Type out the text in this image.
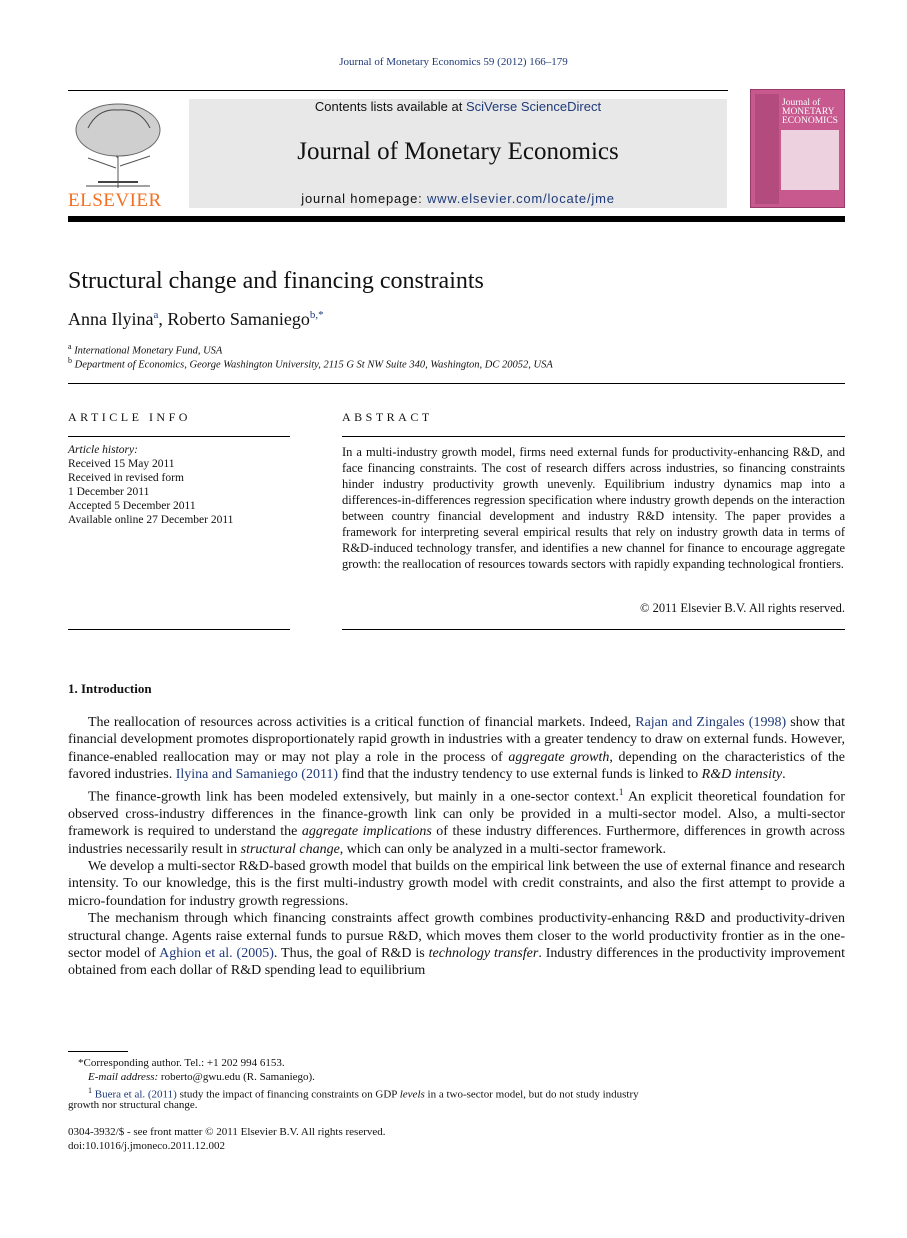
Journal of Monetary Economics 59 (2012) 166–179
ELSEVIER
Contents lists available at SciVerse ScienceDirect
Journal of Monetary Economics
journal homepage: www.elsevier.com/locate/jme
Journal of MONETARY ECONOMICS
Structural change and financing constraints
Anna Ilyina$^a$, Roberto Samaniego$^{b,*}$
$^a$ International Monetary Fund, USA
$^b$ Department of Economics, George Washington University, 2115 G St NW Suite 340, Washington, DC 20052, USA
ARTICLE INFO
Article history:
Received 15 May 2011
Received in revised form
1 December 2011
Accepted 5 December 2011
Available online 27 December 2011
ABSTRACT
In a multi-industry growth model, firms need external funds for productivity-enhancing R&D, and face financing constraints. The cost of research differs across industries, so financing constraints hinder industry productivity growth unevenly. Equilibrium industry dynamics map into a differences-in-differences regression specification where industry growth depends on the interaction between country financial development and industry R&D intensity. The paper provides a framework for interpreting several empirical results that rely on industry growth data in terms of R&D-induced technology transfer, and identifies a new channel for finance to encourage aggregate growth: the reallocation of resources towards sectors with rapidly expanding technological frontiers.
© 2011 Elsevier B.V. All rights reserved.
1. Introduction

The reallocation of resources across activities is a critical function of financial markets. Indeed, Rajan and Zingales (1998) show that financial development promotes disproportionately rapid growth in industries with a greater tendency to draw on external funds. However, finance-enabled reallocation may or may not play a role in the process of aggregate growth, depending on the characteristics of the favored industries. Ilyina and Samaniego (2011) find that the industry tendency to use external funds is linked to R&D intensity.

The finance-growth link has been modeled extensively, but mainly in a one-sector context.$^1$ An explicit theoretical foundation for observed cross-industry differences in the finance-growth link can only be provided in a multi-sector model. Also, a multi-sector framework is required to understand the aggregate implications of these industry differences. Furthermore, differences in growth across industries necessarily result in structural change, which can only be analyzed in a multi-sector framework.

We develop a multi-sector R&D-based growth model that builds on the empirical link between the use of external finance and research intensity. To our knowledge, this is the first multi-industry growth model with credit constraints, and also the first attempt to provide a micro-foundation for industry growth regressions.

The mechanism through which financing constraints affect growth combines productivity-enhancing R&D and productivity-driven structural change. Agents raise external funds to pursue R&D, which moves them closer to the world productivity frontier as in the one-sector model of Aghion et al. (2005). Thus, the goal of R&D is technology transfer. Industry differences in the productivity improvement obtained from each dollar of R&D spending lead to equilibrium

*Corresponding author. Tel.: +1 202 994 6153.
E-mail address: roberto@gwu.edu (R. Samaniego).
$^1$ Buera et al. (2011) study the impact of financing constraints on GDP levels in a two-sector model, but do not study industry
growth nor structural change.
0304-3932/$ - see front matter © 2011 Elsevier B.V. All rights reserved.
doi:10.1016/j.jmoneco.2011.12.002
